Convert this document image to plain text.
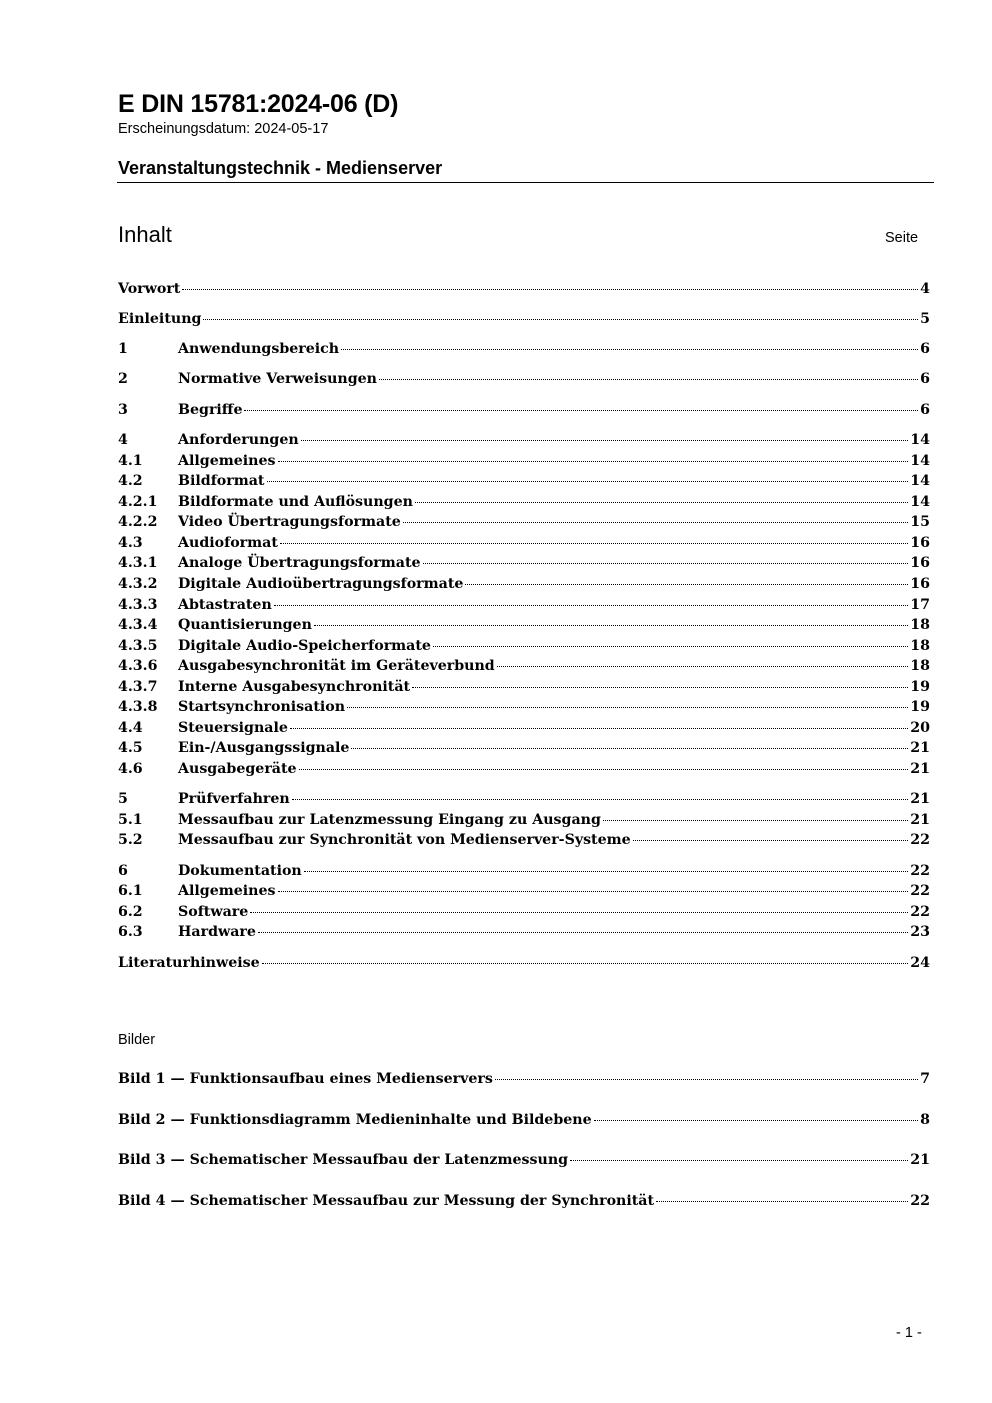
E DIN 15781:2024-06 (D)
Erscheinungsdatum: 2024-05-17
Veranstaltungstechnik - Medienserver
Inhalt	Seite
Vorwort	4
Einleitung	5
1	Anwendungsbereich	6
2	Normative Verweisungen	6
3	Begriffe	6
4	Anforderungen	14
4.1	Allgemeines	14
4.2	Bildformat	14
4.2.1	Bildformate und Auflösungen	14
4.2.2	Video Übertragungsformate	15
4.3	Audioformat	16
4.3.1	Analoge Übertragungsformate	16
4.3.2	Digitale Audioübertragungsformate	16
4.3.3	Abtastraten	17
4.3.4	Quantisierungen	18
4.3.5	Digitale Audio-Speicherformate	18
4.3.6	Ausgabesynchronität im Geräteverbund	18
4.3.7	Interne Ausgabesynchronität	19
4.3.8	Startsynchronisation	19
4.4	Steuersignale	20
4.5	Ein-/Ausgangssignale	21
4.6	Ausgabegeräte	21
5	Prüfverfahren	21
5.1	Messaufbau zur Latenzmessung Eingang zu Ausgang	21
5.2	Messaufbau zur Synchronität von Medienserver-Systeme	22
6	Dokumentation	22
6.1	Allgemeines	22
6.2	Software	22
6.3	Hardware	23
Literaturhinweise	24
Bilder
Bild 1 — Funktionsaufbau eines Medienservers	7
Bild 2 — Funktionsdiagramm Medieninhalte und Bildebene	8
Bild 3 — Schematischer Messaufbau der Latenzmessung	21
Bild 4 — Schematischer Messaufbau zur Messung der Synchronität	22
- 1 -
